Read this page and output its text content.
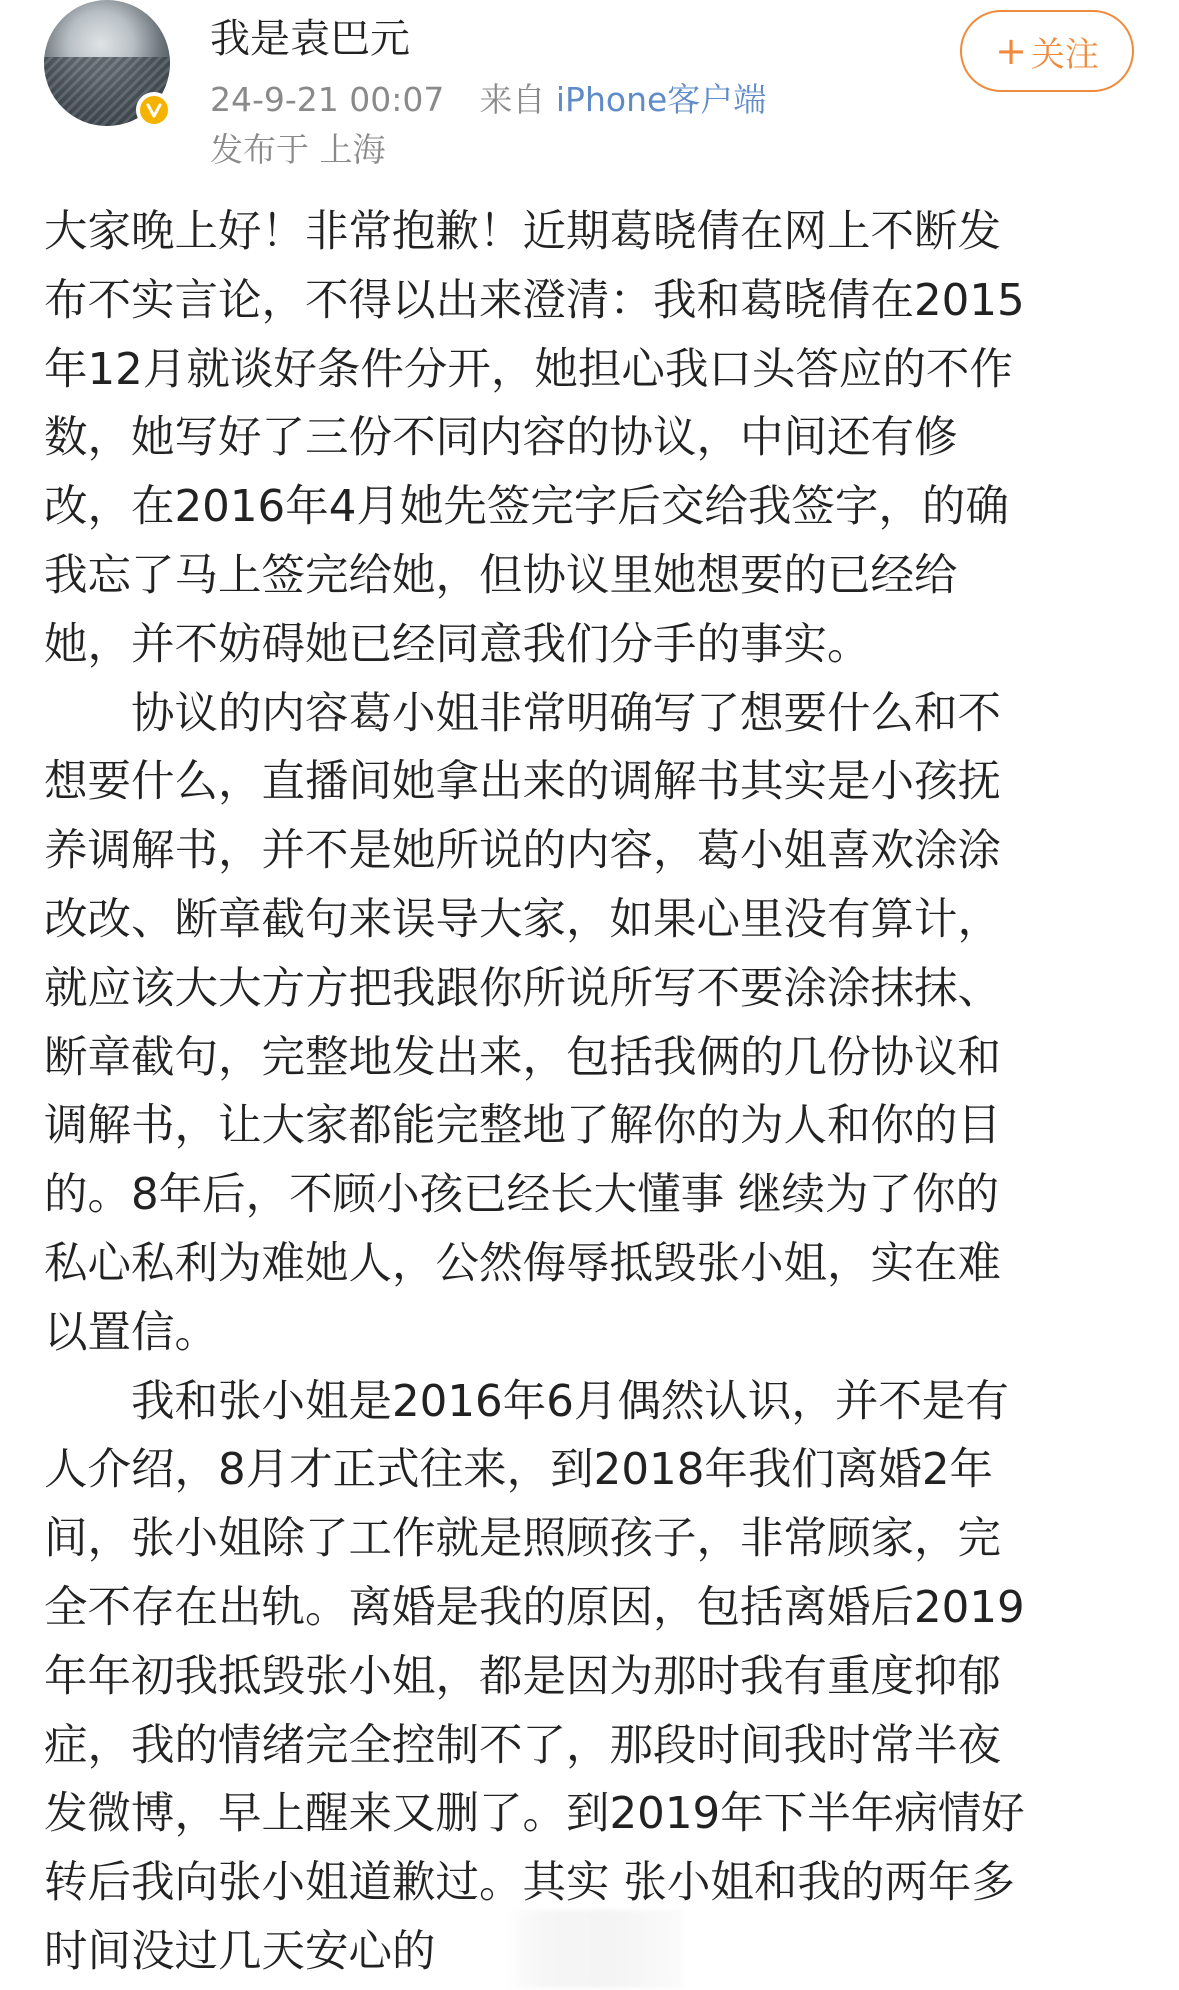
我是袁巴元
24-9-21 00:07 来自 iPhone客户端
发布于 上海
+ 关注

大家晚上好！非常抱歉！近期葛晓倩在网上不断发
布不实言论，不得以出来澄清：我和葛晓倩在2015
年12月就谈好条件分开，她担心我口头答应的不作
数，她写好了三份不同内容的协议，中间还有修
改，在2016年4月她先签完字后交给我签字，的确
我忘了马上签完给她，但协议里她想要的已经给
她，并不妨碍她已经同意我们分手的事实。

协议的内容葛小姐非常明确写了想要什么和不
想要什么，直播间她拿出来的调解书其实是小孩抚
养调解书，并不是她所说的内容，葛小姐喜欢涂涂
改改、断章截句来误导大家，如果心里没有算计，
就应该大大方方把我跟你所说所写不要涂涂抹抹、
断章截句，完整地发出来，包括我俩的几份协议和
调解书，让大家都能完整地了解你的为人和你的目
的。8年后，不顾小孩已经长大懂事 继续为了你的
私心私利为难她人，公然侮辱抵毁张小姐，实在难
以置信。

我和张小姐是2016年6月偶然认识，并不是有
人介绍，8月才正式往来，到2018年我们离婚2年
间，张小姐除了工作就是照顾孩子，非常顾家，完
全不存在出轨。离婚是我的原因，包括离婚后2019
年年初我抵毁张小姐，都是因为那时我有重度抑郁
症，我的情绪完全控制不了，那段时间我时常半夜
发微博，早上醒来又删了。到2019年下半年病情好
转后我向张小姐道歉过。其实 张小姐和我的两年多
时间没过几天安心的
